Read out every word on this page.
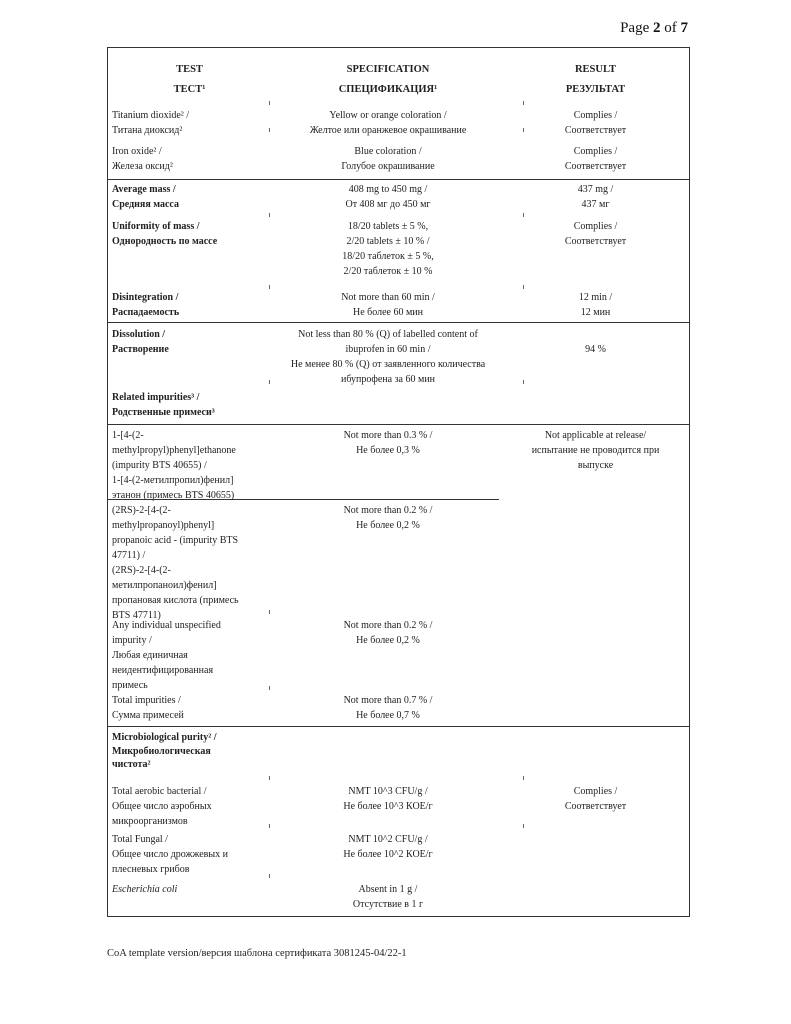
Page 2 of 7
TEST
ТЕСТ¹
SPECIFICATION
СПЕЦИФИКАЦИЯ¹
RESULT
РЕЗУЛЬТАТ
Titanium dioxide² /
Титана диоксид²
Yellow or orange coloration /
Желтое или оранжевое окрашивание
Complies /
Соответствует
Iron oxide² /
Железа оксид²
Blue coloration /
Голубое окрашивание
Complies /
Соответствует
Average mass /
Средняя масса
408 mg to 450 mg /
От 408 мг до 450 мг
437 mg /
437 мг
Uniformity of mass /
Однородность по массе
18/20 tablets ± 5 %,
2/20 tablets ± 10 % /
18/20 таблеток ± 5 %,
2/20 таблеток ± 10 %
Complies /
Соответствует
Disintegration /
Распадаемость
Not more than 60 min /
Не более 60 мин
12 min /
12 мин
Dissolution /
Растворение
Not less than 80 % (Q) of labelled content of
ibuprofen in 60 min /
Не менее 80 % (Q) от заявленного количества
ибупрофена за 60 мин
94 %
Related impurities³ /
Родственные примеси³
1-[4-(2-
methylpropyl)phenyl]ethanone
(impurity BTS 40655) /
1-[4-(2-метилпропил)фенил]
этанон (примесь BTS 40655)
Not more than 0.3 % /
Не более 0,3 %
Not applicable at release/
испытание не проводится при
выпуске
(2RS)-2-[4-(2-
methylpropanoyl)phenyl]
propanoic acid - (impurity BTS
47711) /
(2RS)-2-[4-(2-
метилпропаноил)фенил]
пропановая кислота (примесь
BTS 47711)
Not more than 0.2 % /
Не более 0,2 %
Any individual unspecified
impurity /
Любая единичная
неидентифицированная
примесь
Not more than 0.2 % /
Не более 0,2 %
Total impurities /
Сумма примесей
Not more than 0.7 % /
Не более 0,7 %
Microbiological purity² /
Микробиологическая
чистота²
Total aerobic bacterial /
Общее число аэробных
микроорганизмов
NMT 10^3 CFU/g /
Не более 10^3 КОЕ/г
Complies /
Соответствует
Total Fungal /
Общее число дрожжевых и
плесневых грибов
NMT 10^2 CFU/g /
Не более 10^2 КОЕ/г
Escherichia coli	Absent in 1 g /
Отсутствие в 1 г
CoA template version/версия шаблона сертификата 3081245-04/22-1
